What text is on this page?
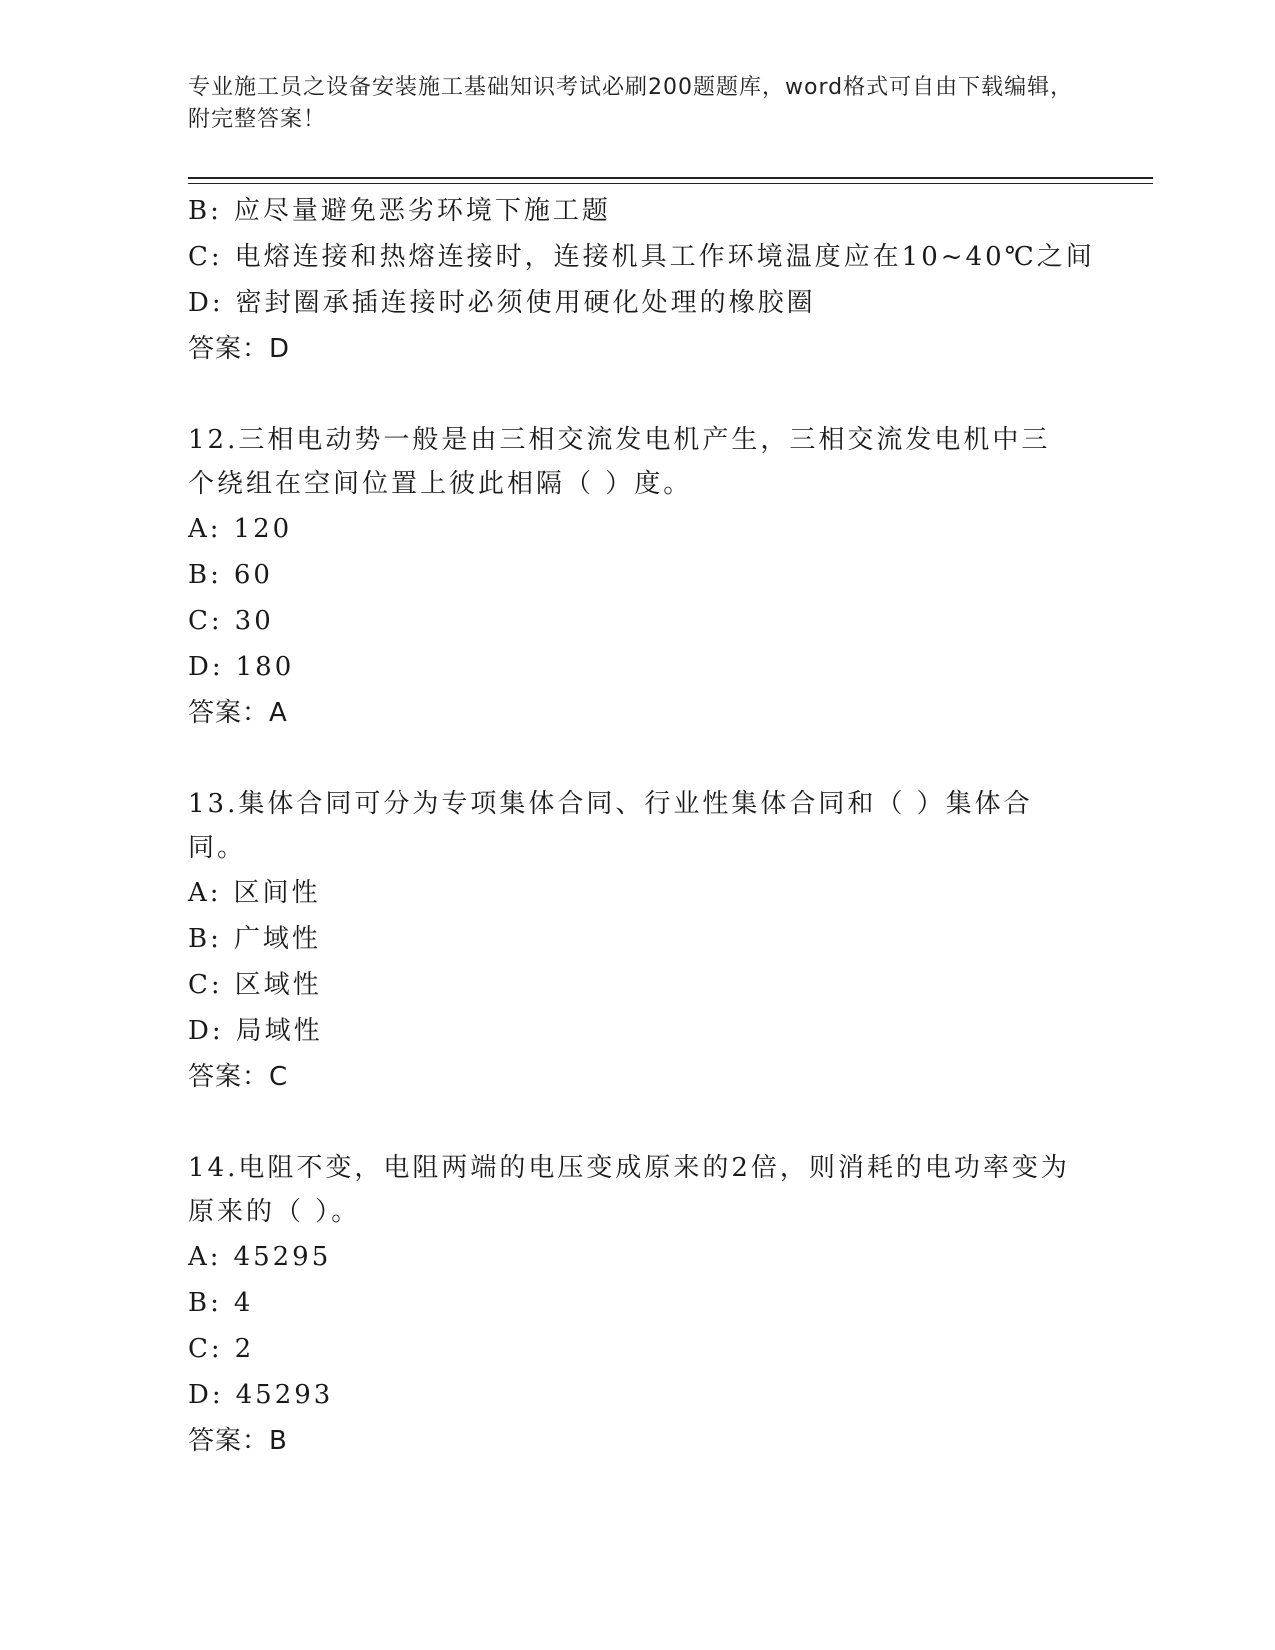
专业施工员之设备安装施工基础知识考试必刷200题题库，word格式可自由下载编辑，附完整答案！
B: 应尽量避免恶劣环境下施工题
C: 电熔连接和热熔连接时，连接机具工作环境温度应在10~40℃之间
D: 密封圈承插连接时必须使用硬化处理的橡胶圈
答案：D
12.三相电动势一般是由三相交流发电机产生，三相交流发电机中三个绕组在空间位置上彼此相隔（ ）度。
A: 120
B: 60
C: 30
D: 180
答案：A
13.集体合同可分为专项集体合同、行业性集体合同和（ ）集体合同。
A: 区间性
B: 广域性
C: 区域性
D: 局域性
答案：C
14.电阻不变，电阻两端的电压变成原来的2倍，则消耗的电功率变为原来的（ ）。
A: 45295
B: 4
C: 2
D: 45293
答案：B
